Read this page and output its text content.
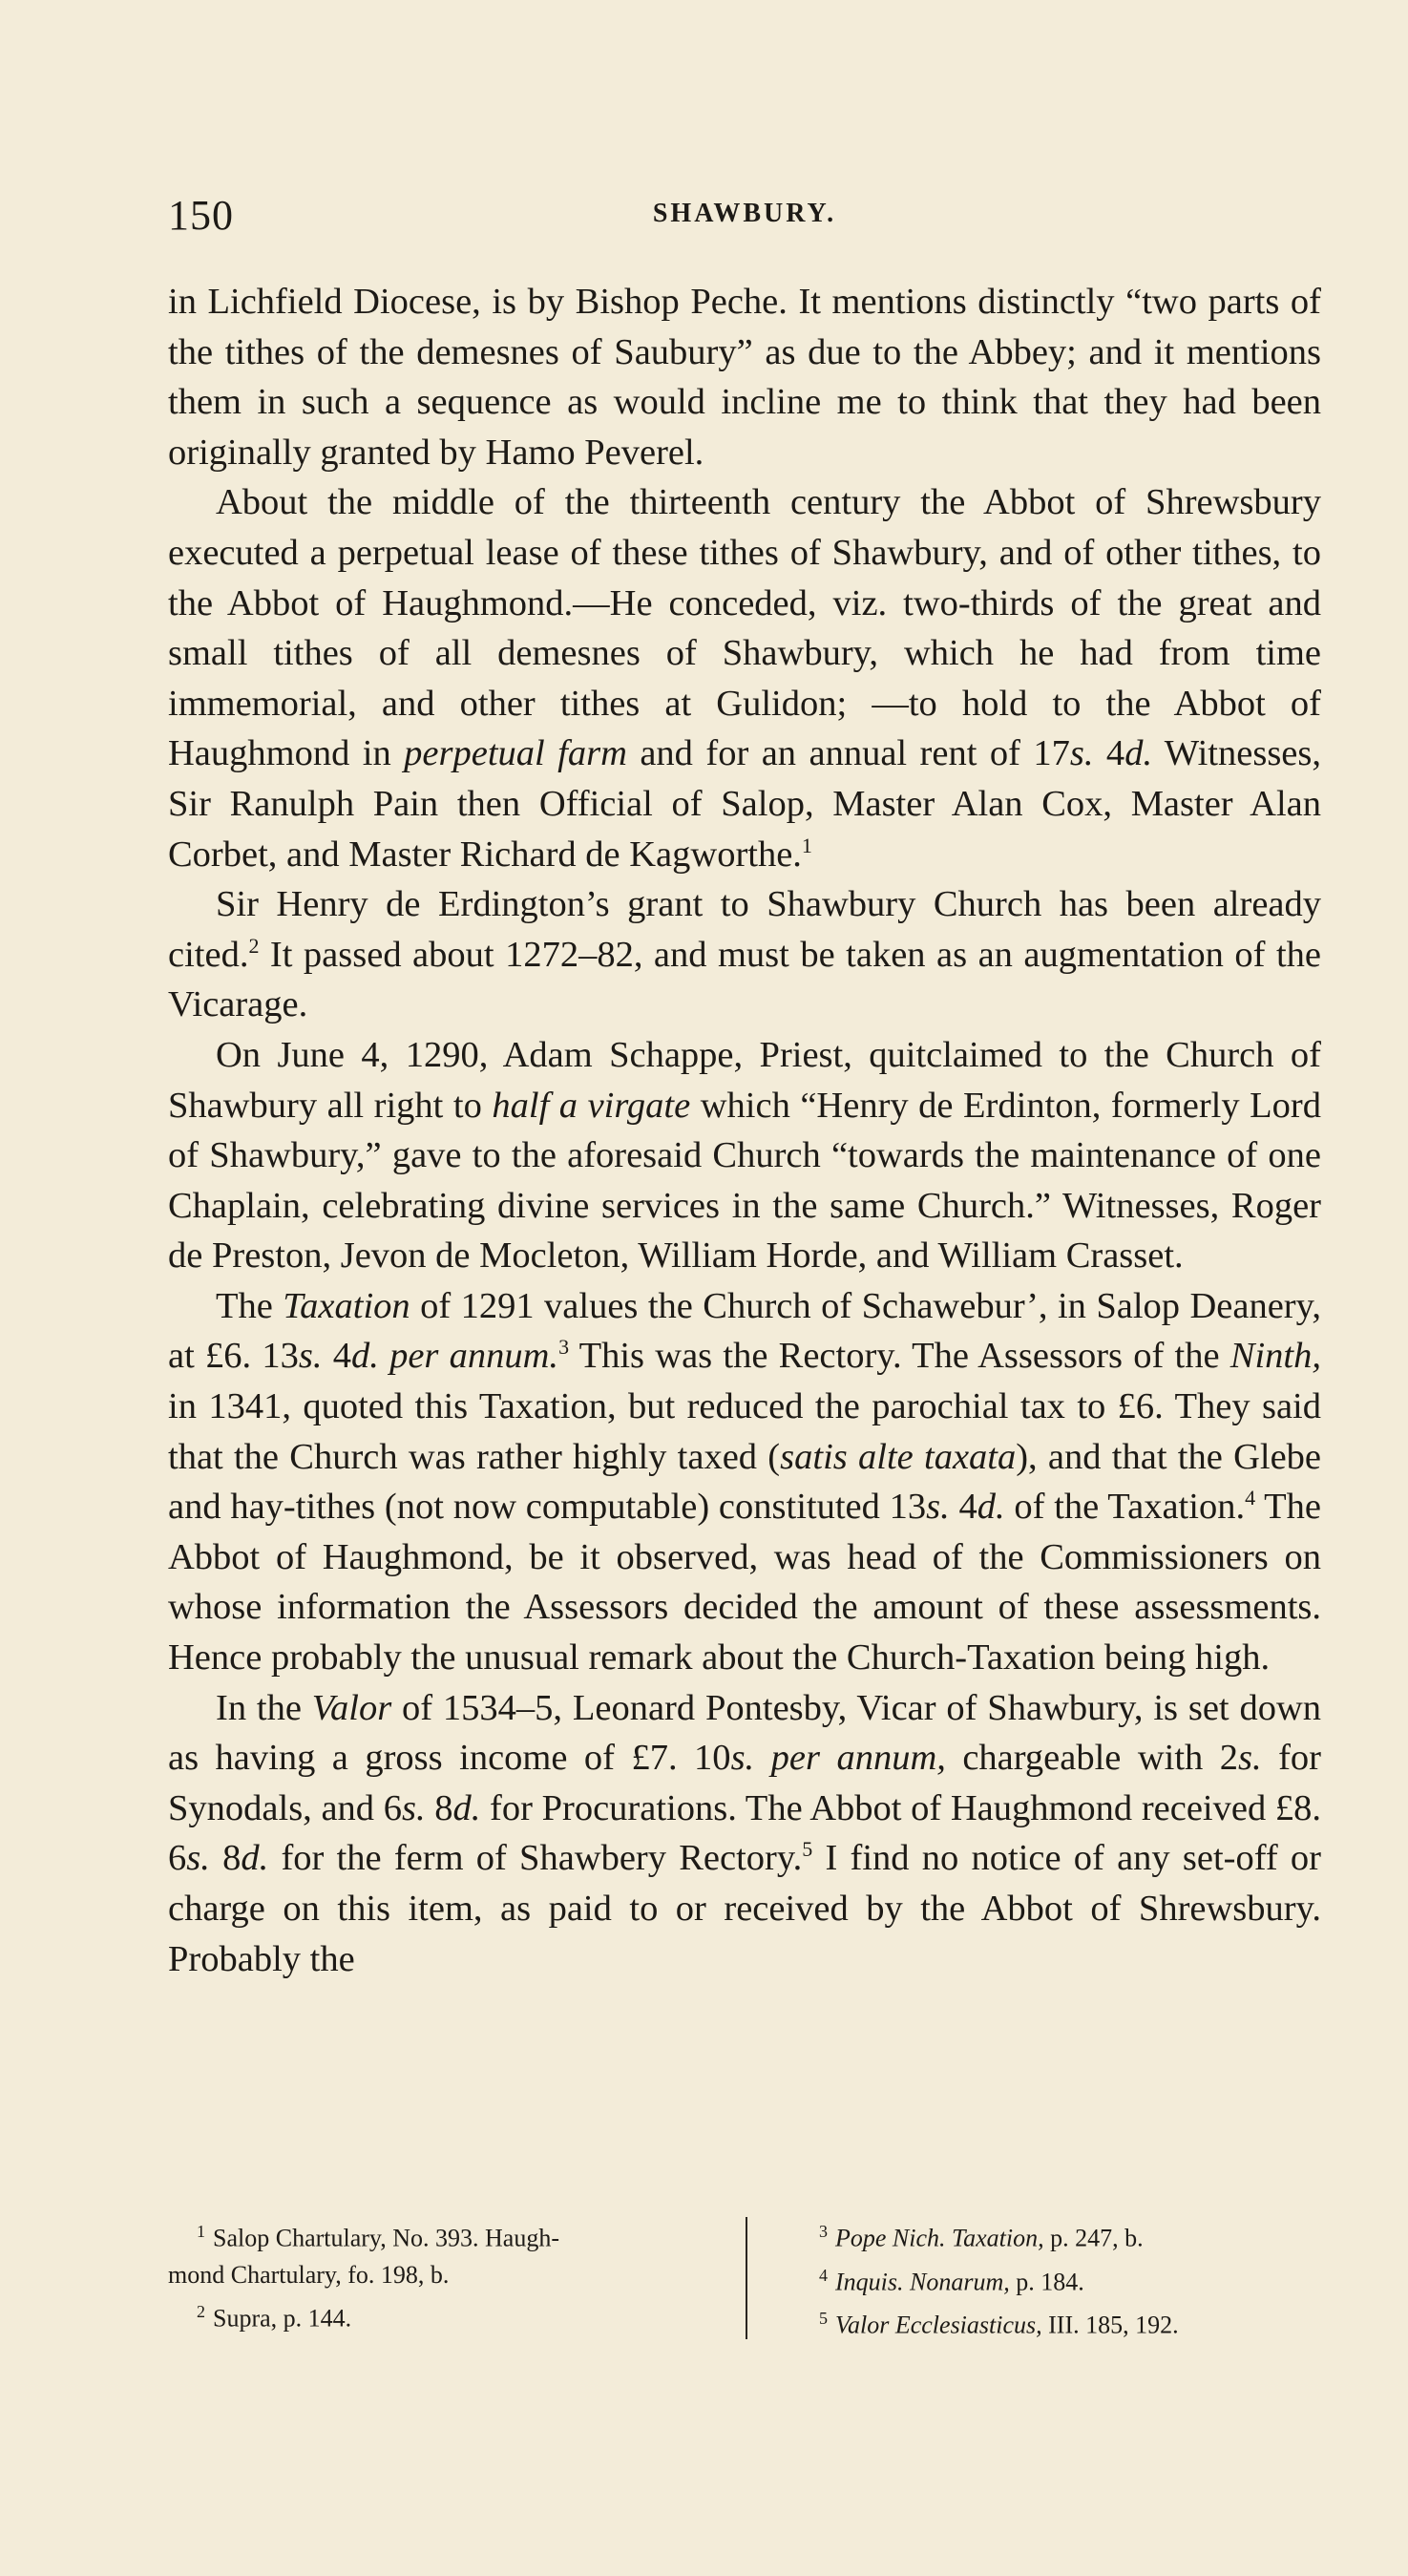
150	SHAWBURY.

in Lichfield Diocese, is by Bishop Peche. It mentions distinctly “two parts of the tithes of the demesnes of Saubury” as due to the Abbey; and it mentions them in such a sequence as would incline me to think that they had been originally granted by Hamo Peverel.

About the middle of the thirteenth century the Abbot of Shrewsbury executed a perpetual lease of these tithes of Shawbury, and of other tithes, to the Abbot of Haughmond.—He conceded, viz. two-thirds of the great and small tithes of all demesnes of Shawbury, which he had from time immemorial, and other tithes at Gulidon; —to hold to the Abbot of Haughmond in perpetual farm and for an annual rent of 17s. 4d. Witnesses, Sir Ranulph Pain then Official of Salop, Master Alan Cox, Master Alan Corbet, and Master Richard de Kagworthe.$^1$

Sir Henry de Erdington’s grant to Shawbury Church has been already cited.$^2$ It passed about 1272–82, and must be taken as an augmentation of the Vicarage.

On June 4, 1290, Adam Schappe, Priest, quitclaimed to the Church of Shawbury all right to half a virgate which “Henry de Erdinton, formerly Lord of Shawbury,” gave to the aforesaid Church “towards the maintenance of one Chaplain, celebrating divine services in the same Church.” Witnesses, Roger de Preston, Jevon de Mocleton, William Horde, and William Crasset.

The Taxation of 1291 values the Church of Schawebur’, in Salop Deanery, at £6. 13s. 4d. per annum.$^3$ This was the Rectory. The Assessors of the Ninth, in 1341, quoted this Taxation, but reduced the parochial tax to £6. They said that the Church was rather highly taxed (satis alte taxata), and that the Glebe and hay-tithes (not now computable) constituted 13s. 4d. of the Taxation.$^4$ The Abbot of Haughmond, be it observed, was head of the Commissioners on whose information the Assessors decided the amount of these assessments. Hence probably the unusual remark about the Church-Taxation being high.

In the Valor of 1534–5, Leonard Pontesby, Vicar of Shawbury, is set down as having a gross income of £7. 10s. per annum, chargeable with 2s. for Synodals, and 6s. 8d. for Procurations. The Abbot of Haughmond received £8. 6s. 8d. for the ferm of Shawbery Rectory.$^5$ I find no notice of any set-off or charge on this item, as paid to or received by the Abbot of Shrewsbury. Probably the

$^1$ Salop Chartulary, No. 393. Haugh-
mond Chartulary, fo. 198, b.
$^2$ Supra, p. 144.
$^3$ Pope Nich. Taxation, p. 247, b.
$^4$ Inquis. Nonarum, p. 184.
$^5$ Valor Ecclesiasticus, III. 185, 192.
